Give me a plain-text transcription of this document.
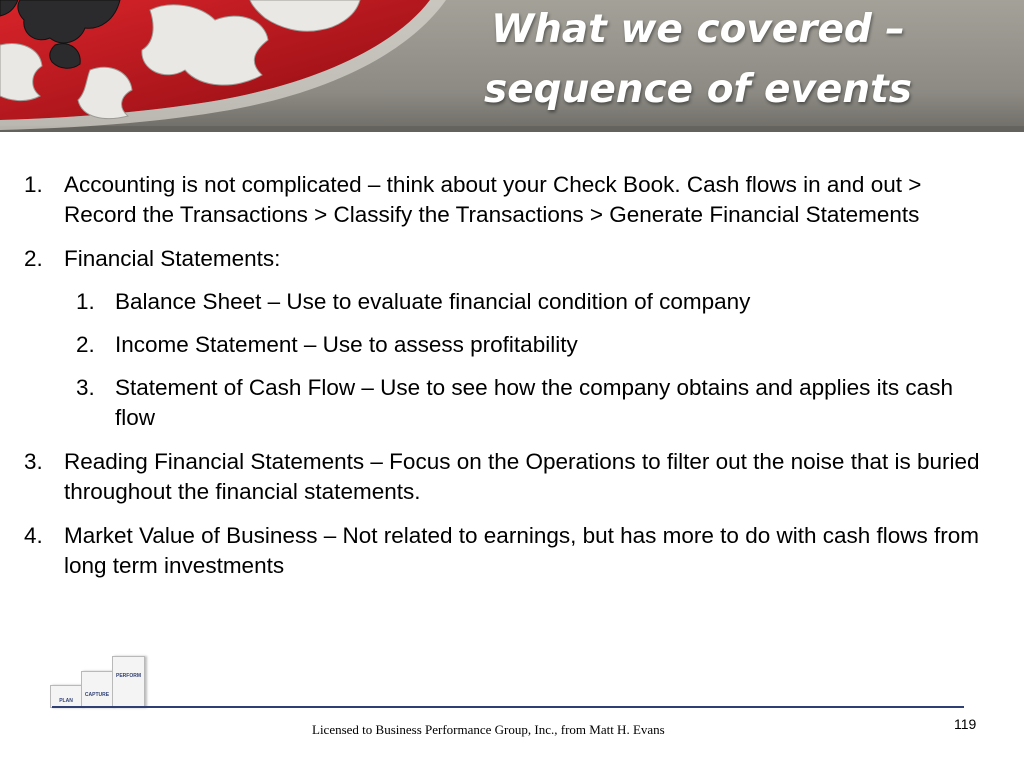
What we covered –
sequence of events
1. Accounting is not complicated – think about your Check Book. Cash flows in and out > Record the Transactions > Classify the Transactions > Generate Financial Statements
2. Financial Statements:
1. Balance Sheet – Use to evaluate financial condition of company
2. Income Statement – Use to assess profitability
3. Statement of Cash Flow – Use to see how the company obtains and applies its cash flow
3. Reading Financial Statements – Focus on the Operations to filter out the noise that is buried throughout the financial statements.
4. Market Value of Business – Not related to earnings, but has more to do with cash flows from long term investments
PLAN
CAPTURE
PERFORM
Licensed to Business Performance Group, Inc., from Matt H. Evans	119
